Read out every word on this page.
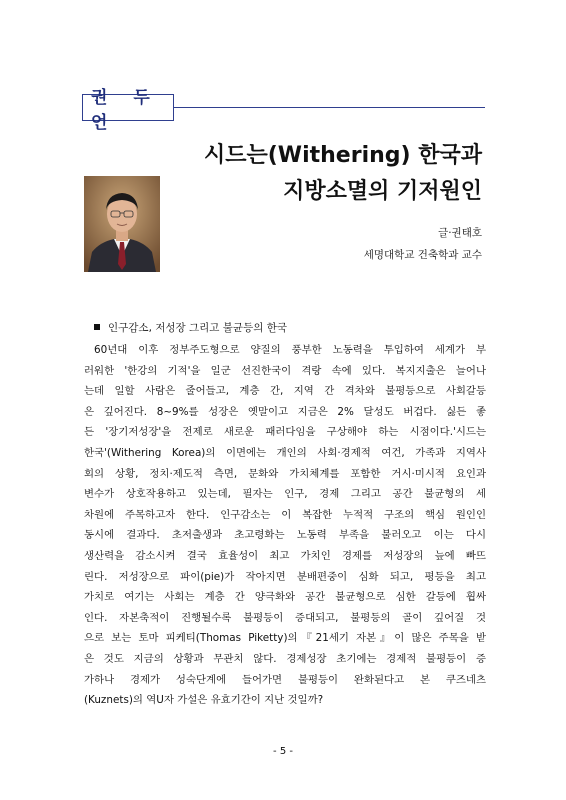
권 두 언
시드는(Withering) 한국과
지방소멸의 기저원인
글·권태호
세명대학교 건축학과 교수
인구감소, 저성장 그리고 불균등의 한국
60년대 이후 정부주도형으로 양질의 풍부한 노동력을 투입하여 세계가 부
러워한 '한강의 기적'을 일군 선진한국이 격랑 속에 있다. 복지지출은 늘어나
는데 일할 사람은 줄어들고, 계층 간, 지역 간 격차와 불평등으로 사회갈등
은 깊어진다. 8~9%를 성장은 옛말이고 지금은 2% 달성도 버겁다. 싫든 좋
든 '장기저성장'을 전제로 새로운 패러다임을 구상해야 하는 시점이다.'시드는
한국'(Withering Korea)의 이면에는 개인의 사회·경제적 여건, 가족과 지역사
회의 상황, 정치·제도적 측면, 문화와 가치체계를 포함한 거시·미시적 요인과
변수가 상호작용하고 있는데, 필자는 인구, 경제 그리고 공간 불균형의 세
차원에 주목하고자 한다. 인구감소는 이 복잡한 누적적 구조의 핵심 원인인
동시에 결과다. 초저출생과 초고령화는 노동력 부족을 불러오고 이는 다시
생산력을 감소시켜 결국 효율성이 최고 가치인 경제를 저성장의 늪에 빠뜨
린다. 저성장으로 파이(pie)가 작아지면 분배편중이 심화 되고, 평등을 최고
가치로 여기는 사회는 계층 간 양극화와 공간 불균형으로 심한 갈등에 휩싸
인다. 자본축적이 진행될수록 불평등이 증대되고, 불평등의 골이 깊어질 것
으로 보는 토마 피케티(Thomas Piketty)의『21세기 자본』이 많은 주목을 받
은 것도 지금의 상황과 무관치 않다. 경제성장 초기에는 경제적 불평등이 증
가하나 경제가 성숙단계에 들어가면 불평등이 완화된다고 본 쿠즈네츠
(Kuznets)의 역U자 가설은 유효기간이 지난 것일까?
- 5 -
